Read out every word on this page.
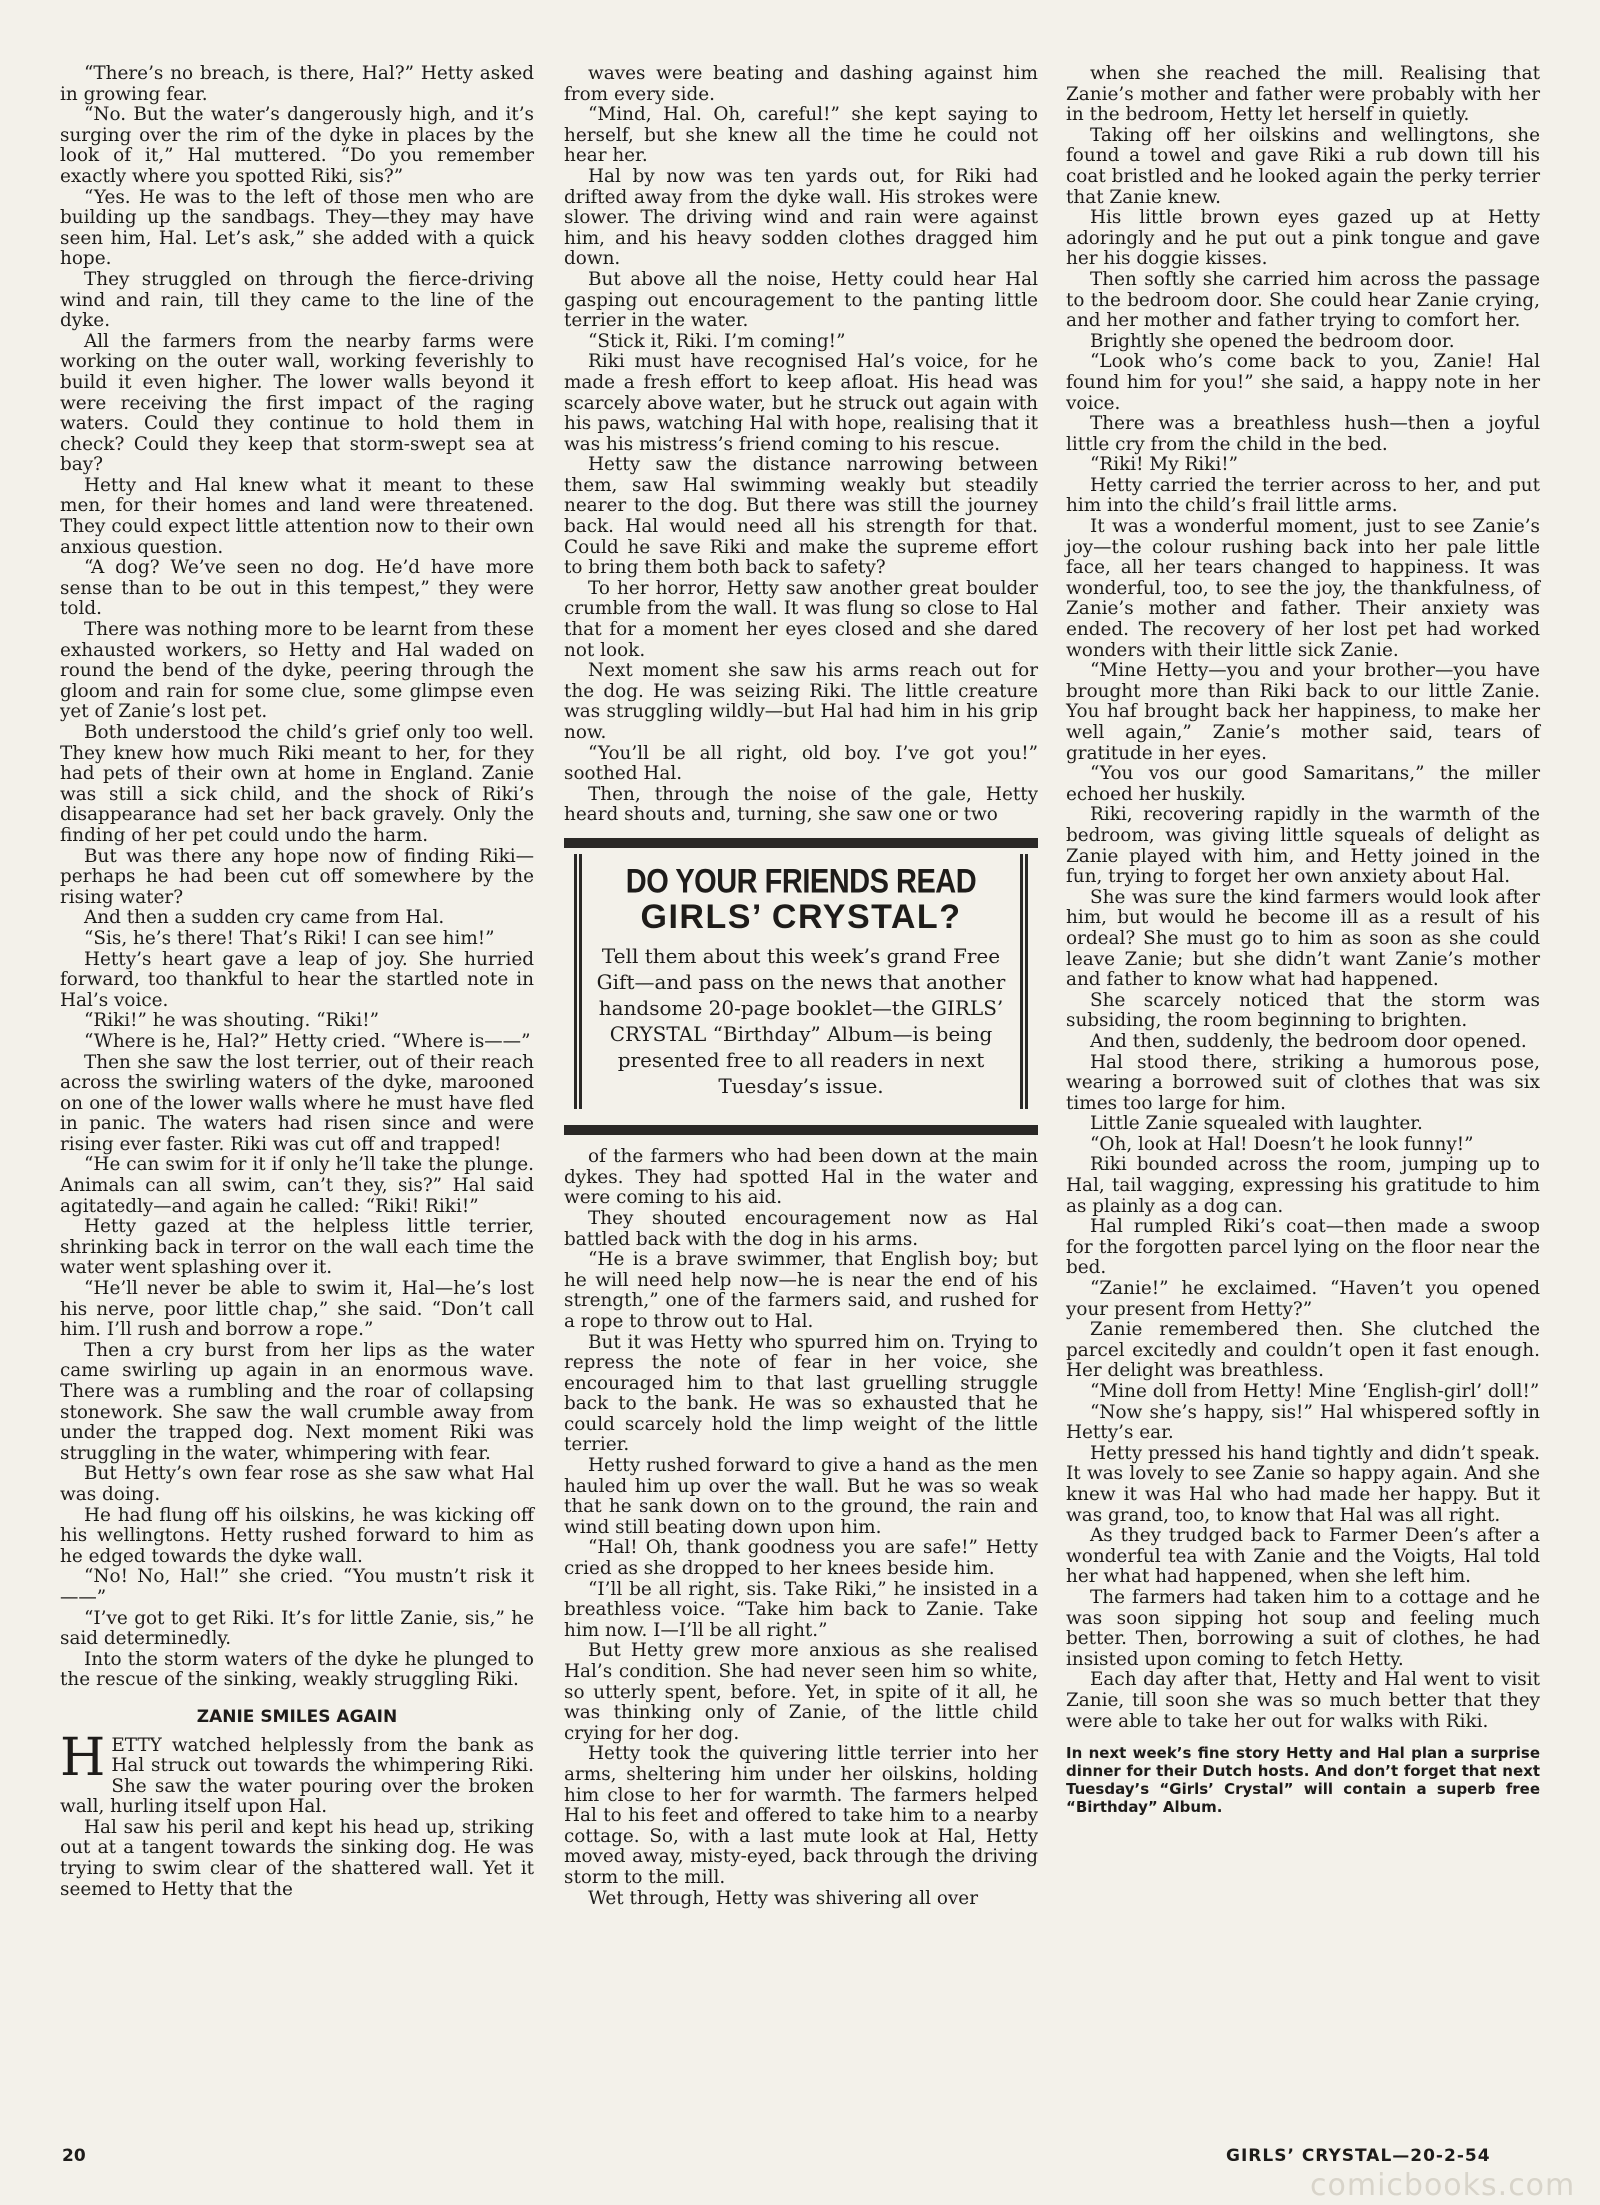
“There’s no breach, is there, Hal?” Hetty asked in growing fear.

“No. But the water’s dangerously high, and it’s surging over the rim of the dyke in places by the look of it,” Hal muttered. “Do you remember exactly where you spotted Riki, sis?”

“Yes. He was to the left of those men who are building up the sandbags. They—they may have seen him, Hal. Let’s ask,” she added with a quick hope.

They struggled on through the fierce-driving wind and rain, till they came to the line of the dyke.

All the farmers from the nearby farms were working on the outer wall, working feverishly to build it even higher. The lower walls beyond it were receiving the first impact of the raging waters. Could they continue to hold them in check? Could they keep that storm-swept sea at bay?

Hetty and Hal knew what it meant to these men, for their homes and land were threatened. They could expect little attention now to their own anxious question.

“A dog? We’ve seen no dog. He’d have more sense than to be out in this tempest,” they were told.

There was nothing more to be learnt from these exhausted workers, so Hetty and Hal waded on round the bend of the dyke, peering through the gloom and rain for some clue, some glimpse even yet of Zanie’s lost pet.

Both understood the child’s grief only too well. They knew how much Riki meant to her, for they had pets of their own at home in England. Zanie was still a sick child, and the shock of Riki’s disappearance had set her back gravely. Only the finding of her pet could undo the harm.

But was there any hope now of finding Riki—perhaps he had been cut off somewhere by the rising water?

And then a sudden cry came from Hal.

“Sis, he’s there! That’s Riki! I can see him!”

Hetty’s heart gave a leap of joy. She hurried forward, too thankful to hear the startled note in Hal’s voice.

“Riki!” he was shouting. “Riki!”

“Where is he, Hal?” Hetty cried. “Where is——”

Then she saw the lost terrier, out of their reach across the swirling waters of the dyke, marooned on one of the lower walls where he must have fled in panic. The waters had risen since and were rising ever faster. Riki was cut off and trapped!

“He can swim for it if only he’ll take the plunge. Animals can all swim, can’t they, sis?” Hal said agitatedly—and again he called: “Riki! Riki!”

Hetty gazed at the helpless little terrier, shrinking back in terror on the wall each time the water went splashing over it.

“He’ll never be able to swim it, Hal—he’s lost his nerve, poor little chap,” she said. “Don’t call him. I’ll rush and borrow a rope.”

Then a cry burst from her lips as the water came swirling up again in an enormous wave. There was a rumbling and the roar of collapsing stonework. She saw the wall crumble away from under the trapped dog. Next moment Riki was struggling in the water, whimpering with fear.

But Hetty’s own fear rose as she saw what Hal was doing.

He had flung off his oilskins, he was kicking off his wellingtons. Hetty rushed forward to him as he edged towards the dyke wall.

“No! No, Hal!” she cried. “You mustn’t risk it——”

“I’ve got to get Riki. It’s for little Zanie, sis,” he said determinedly.

Into the storm waters of the dyke he plunged to the rescue of the sinking, weakly struggling Riki.

ZANIE SMILES AGAIN

HETTY watched helplessly from the bank as Hal struck out towards the whimpering Riki. She saw the water pouring over the broken wall, hurling itself upon Hal.

Hal saw his peril and kept his head up, striking out at a tangent towards the sinking dog. He was trying to swim clear of the shattered wall. Yet it seemed to Hetty that the

waves were beating and dashing against him from every side.

“Mind, Hal. Oh, careful!” she kept saying to herself, but she knew all the time he could not hear her.

Hal by now was ten yards out, for Riki had drifted away from the dyke wall. His strokes were slower. The driving wind and rain were against him, and his heavy sodden clothes dragged him down.

But above all the noise, Hetty could hear Hal gasping out encouragement to the panting little terrier in the water.

“Stick it, Riki. I’m coming!”

Riki must have recognised Hal’s voice, for he made a fresh effort to keep afloat. His head was scarcely above water, but he struck out again with his paws, watching Hal with hope, realising that it was his mistress’s friend coming to his rescue.

Hetty saw the distance narrowing between them, saw Hal swimming weakly but steadily nearer to the dog. But there was still the journey back. Hal would need all his strength for that. Could he save Riki and make the supreme effort to bring them both back to safety?

To her horror, Hetty saw another great boulder crumble from the wall. It was flung so close to Hal that for a moment her eyes closed and she dared not look.

Next moment she saw his arms reach out for the dog. He was seizing Riki. The little creature was struggling wildly—but Hal had him in his grip now.

“You’ll be all right, old boy. I’ve got you!” soothed Hal.

Then, through the noise of the gale, Hetty heard shouts and, turning, she saw one or two

DO YOUR FRIENDS READ
GIRLS’ CRYSTAL?
Tell them about this week’s grand Free Gift—and pass on the news that another handsome 20-page booklet—the GIRLS’ CRYSTAL “Birthday” Album—is being presented free to all readers in next Tuesday’s issue.

of the farmers who had been down at the main dykes. They had spotted Hal in the water and were coming to his aid.

They shouted encouragement now as Hal battled back with the dog in his arms.

“He is a brave swimmer, that English boy; but he will need help now—he is near the end of his strength,” one of the farmers said, and rushed for a rope to throw out to Hal.

But it was Hetty who spurred him on. Trying to repress the note of fear in her voice, she encouraged him to that last gruelling struggle back to the bank. He was so exhausted that he could scarcely hold the limp weight of the little terrier.

Hetty rushed forward to give a hand as the men hauled him up over the wall. But he was so weak that he sank down on to the ground, the rain and wind still beating down upon him.

“Hal! Oh, thank goodness you are safe!” Hetty cried as she dropped to her knees beside him.

“I’ll be all right, sis. Take Riki,” he insisted in a breathless voice. “Take him back to Zanie. Take him now. I—I’ll be all right.”

But Hetty grew more anxious as she realised Hal’s condition. She had never seen him so white, so utterly spent, before. Yet, in spite of it all, he was thinking only of Zanie, of the little child crying for her dog.

Hetty took the quivering little terrier into her arms, sheltering him under her oilskins, holding him close to her for warmth. The farmers helped Hal to his feet and offered to take him to a nearby cottage. So, with a last mute look at Hal, Hetty moved away, misty-eyed, back through the driving storm to the mill.

Wet through, Hetty was shivering all over

when she reached the mill. Realising that Zanie’s mother and father were probably with her in the bedroom, Hetty let herself in quietly.

Taking off her oilskins and wellingtons, she found a towel and gave Riki a rub down till his coat bristled and he looked again the perky terrier that Zanie knew.

His little brown eyes gazed up at Hetty adoringly and he put out a pink tongue and gave her his doggie kisses.

Then softly she carried him across the passage to the bedroom door. She could hear Zanie crying, and her mother and father trying to comfort her.

Brightly she opened the bedroom door.

“Look who’s come back to you, Zanie! Hal found him for you!” she said, a happy note in her voice.

There was a breathless hush—then a joyful little cry from the child in the bed.

“Riki! My Riki!”

Hetty carried the terrier across to her, and put him into the child’s frail little arms.

It was a wonderful moment, just to see Zanie’s joy—the colour rushing back into her pale little face, all her tears changed to happiness. It was wonderful, too, to see the joy, the thankfulness, of Zanie’s mother and father. Their anxiety was ended. The recovery of her lost pet had worked wonders with their little sick Zanie.

“Mine Hetty—you and your brother—you have brought more than Riki back to our little Zanie. You haf brought back her happiness, to make her well again,” Zanie’s mother said, tears of gratitude in her eyes.

“You vos our good Samaritans,” the miller echoed her huskily.

Riki, recovering rapidly in the warmth of the bedroom, was giving little squeals of delight as Zanie played with him, and Hetty joined in the fun, trying to forget her own anxiety about Hal.

She was sure the kind farmers would look after him, but would he become ill as a result of his ordeal? She must go to him as soon as she could leave Zanie; but she didn’t want Zanie’s mother and father to know what had happened.

She scarcely noticed that the storm was subsiding, the room beginning to brighten.

And then, suddenly, the bedroom door opened.

Hal stood there, striking a humorous pose, wearing a borrowed suit of clothes that was six times too large for him.

Little Zanie squealed with laughter.

“Oh, look at Hal! Doesn’t he look funny!”

Riki bounded across the room, jumping up to Hal, tail wagging, expressing his gratitude to him as plainly as a dog can.

Hal rumpled Riki’s coat—then made a swoop for the forgotten parcel lying on the floor near the bed.

“Zanie!” he exclaimed. “Haven’t you opened your present from Hetty?”

Zanie remembered then. She clutched the parcel excitedly and couldn’t open it fast enough. Her delight was breathless.

“Mine doll from Hetty! Mine ‘English-girl’ doll!”

“Now she’s happy, sis!” Hal whispered softly in Hetty’s ear.

Hetty pressed his hand tightly and didn’t speak. It was lovely to see Zanie so happy again. And she knew it was Hal who had made her happy. But it was grand, too, to know that Hal was all right.

As they trudged back to Farmer Deen’s after a wonderful tea with Zanie and the Voigts, Hal told her what had happened, when she left him.

The farmers had taken him to a cottage and he was soon sipping hot soup and feeling much better. Then, borrowing a suit of clothes, he had insisted upon coming to fetch Hetty.

Each day after that, Hetty and Hal went to visit Zanie, till soon she was so much better that they were able to take her out for walks with Riki.

In next week’s fine story Hetty and Hal plan a surprise dinner for their Dutch hosts. And don’t forget that next Tuesday’s “Girls’ Crystal” will contain a superb free “Birthday” Album.
20	GIRLS’ CRYSTAL—20-2-54
comicbooks.com
